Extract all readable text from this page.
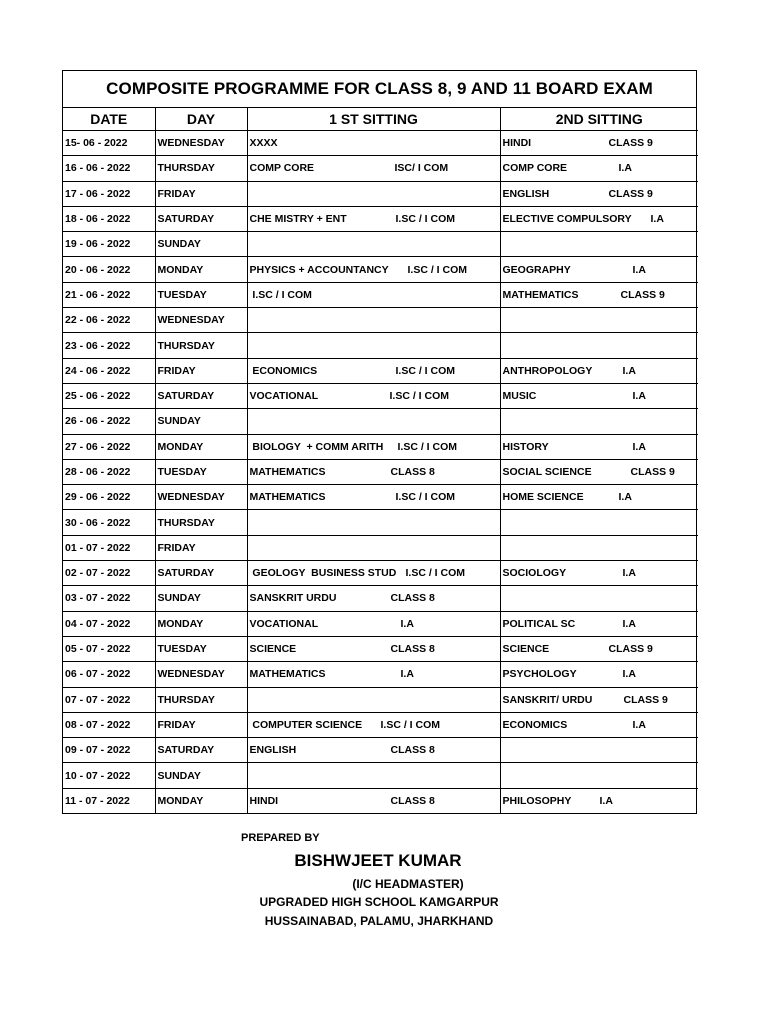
COMPOSITE PROGRAMME FOR CLASS 8, 9 AND 11 BOARD EXAM
DATE	DAY	1 ST SITTING	2ND SITTING
15- 06 - 2022	WEDNESDAY	XXXX	HINDI CLASS 9

16 - 06 - 2022	THURSDAY	COMP CORE ISC/ I COM	COMP CORE I.A

17 - 06 - 2022	FRIDAY		ENGLISH CLASS 9

18 - 06 - 2022	SATURDAY	CHE MISTRY + ENT I.SC / I COM	ELECTIVE COMPULSORY I.A

19 - 06 - 2022	SUNDAY	

20 - 06 - 2022	MONDAY	PHYSICS + ACCOUNTANCY I.SC / I COM	GEOGRAPHY I.A

21 - 06 - 2022	TUESDAY	I.SC / I COM	MATHEMATICS CLASS 9

22 - 06 - 2022	WEDNESDAY	

23 - 06 - 2022	THURSDAY	

24 - 06 - 2022	FRIDAY	ECONOMICS I.SC / I COM	ANTHROPOLOGY I.A

25 - 06 - 2022	SATURDAY	VOCATIONAL I.SC / I COM	MUSIC I.A

26 - 06 - 2022	SUNDAY	

27 - 06 - 2022	MONDAY	BIOLOGY  + COMM ARITH I.SC / I COM	HISTORY I.A

28 - 06 - 2022	TUESDAY	MATHEMATICS CLASS 8	SOCIAL SCIENCE CLASS 9

29 - 06 - 2022	WEDNESDAY	MATHEMATICS I.SC / I COM	HOME SCIENCE I.A

30 - 06 - 2022	THURSDAY	

01 - 07 - 2022	FRIDAY	

02 - 07 - 2022	SATURDAY	GEOLOGY  BUSINESS STUD I.SC / I COM	SOCIOLOGY I.A

03 - 07 - 2022	SUNDAY	SANSKRIT URDU CLASS 8	

04 - 07 - 2022	MONDAY	VOCATIONAL I.A	POLITICAL SC I.A

05 - 07 - 2022	TUESDAY	SCIENCE CLASS 8	SCIENCE CLASS 9

06 - 07 - 2022	WEDNESDAY	MATHEMATICS I.A	PSYCHOLOGY I.A

07 - 07 - 2022	THURSDAY		SANSKRIT/ URDU CLASS 9

08 - 07 - 2022	FRIDAY	COMPUTER SCIENCE I.SC / I COM	ECONOMICS I.A

09 - 07 - 2022	SATURDAY	ENGLISH CLASS 8	

10 - 07 - 2022	SUNDAY	

11 - 07 - 2022	MONDAY	HINDI CLASS 8	PHILOSOPHY I.A
PREPARED BY
BISHWJEET KUMAR
(I/C HEADMASTER)
UPGRADED HIGH SCHOOL KAMGARPUR
HUSSAINABAD, PALAMU, JHARKHAND
